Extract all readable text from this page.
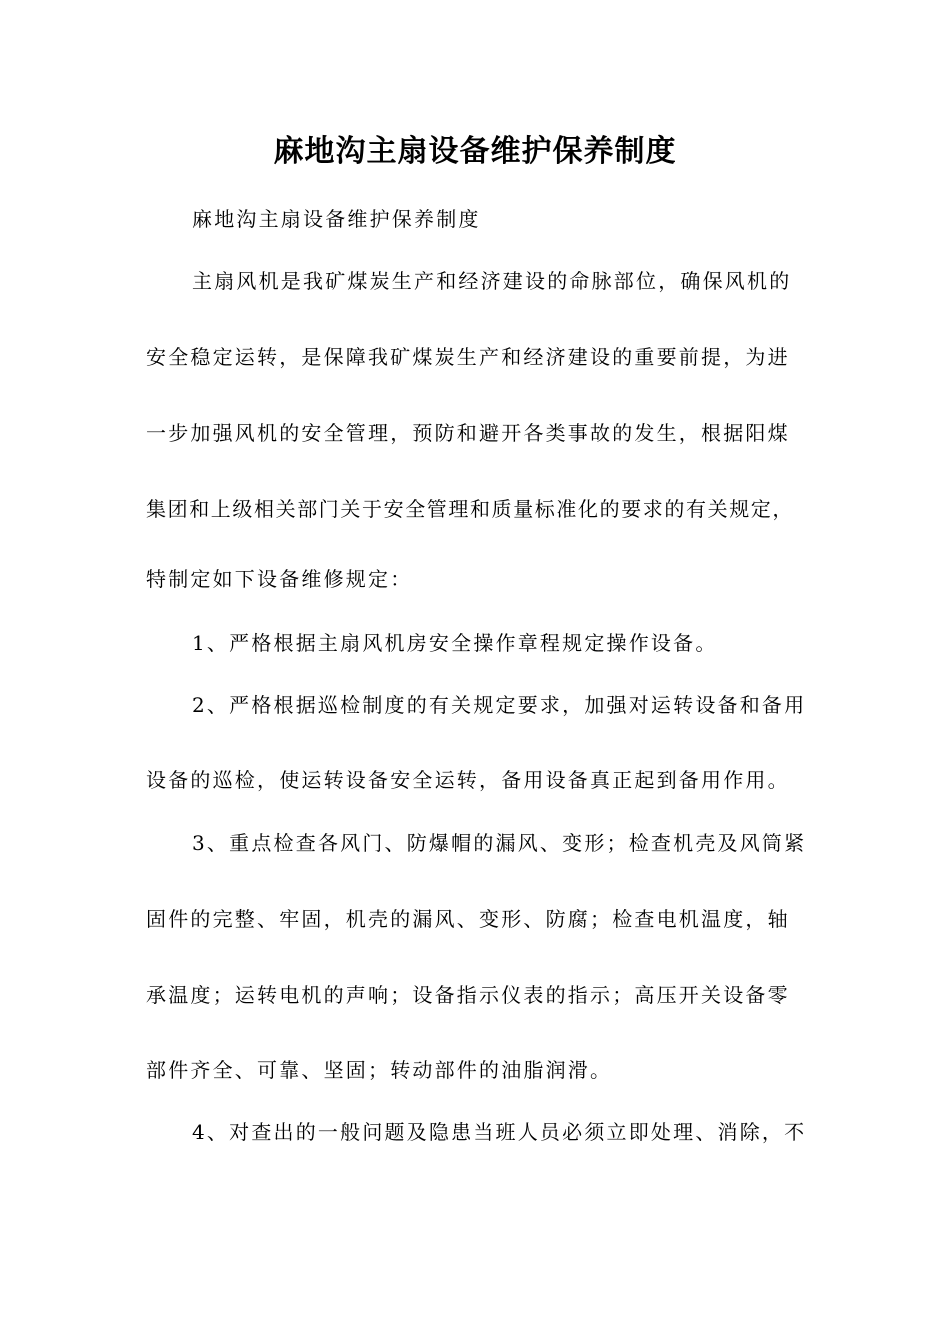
麻地沟主扇设备维护保养制度

麻地沟主扇设备维护保养制度

主扇风机是我矿煤炭生产和经济建设的命脉部位，确保风机的

安全稳定运转，是保障我矿煤炭生产和经济建设的重要前提，为进

一步加强风机的安全管理，预防和避开各类事故的发生，根据阳煤

集团和上级相关部门关于安全管理和质量标准化的要求的有关规定，

特制定如下设备维修规定：

1、严格根据主扇风机房安全操作章程规定操作设备。

2、严格根据巡检制度的有关规定要求，加强对运转设备和备用

设备的巡检，使运转设备安全运转，备用设备真正起到备用作用。

3、重点检查各风门、防爆帽的漏风、变形；检查机壳及风筒紧

固件的完整、牢固，机壳的漏风、变形、防腐；检查电机温度，轴

承温度；运转电机的声响；设备指示仪表的指示；高压开关设备零

部件齐全、可靠、坚固；转动部件的油脂润滑。

4、对查出的一般问题及隐患当班人员必须立即处理、消除，不
